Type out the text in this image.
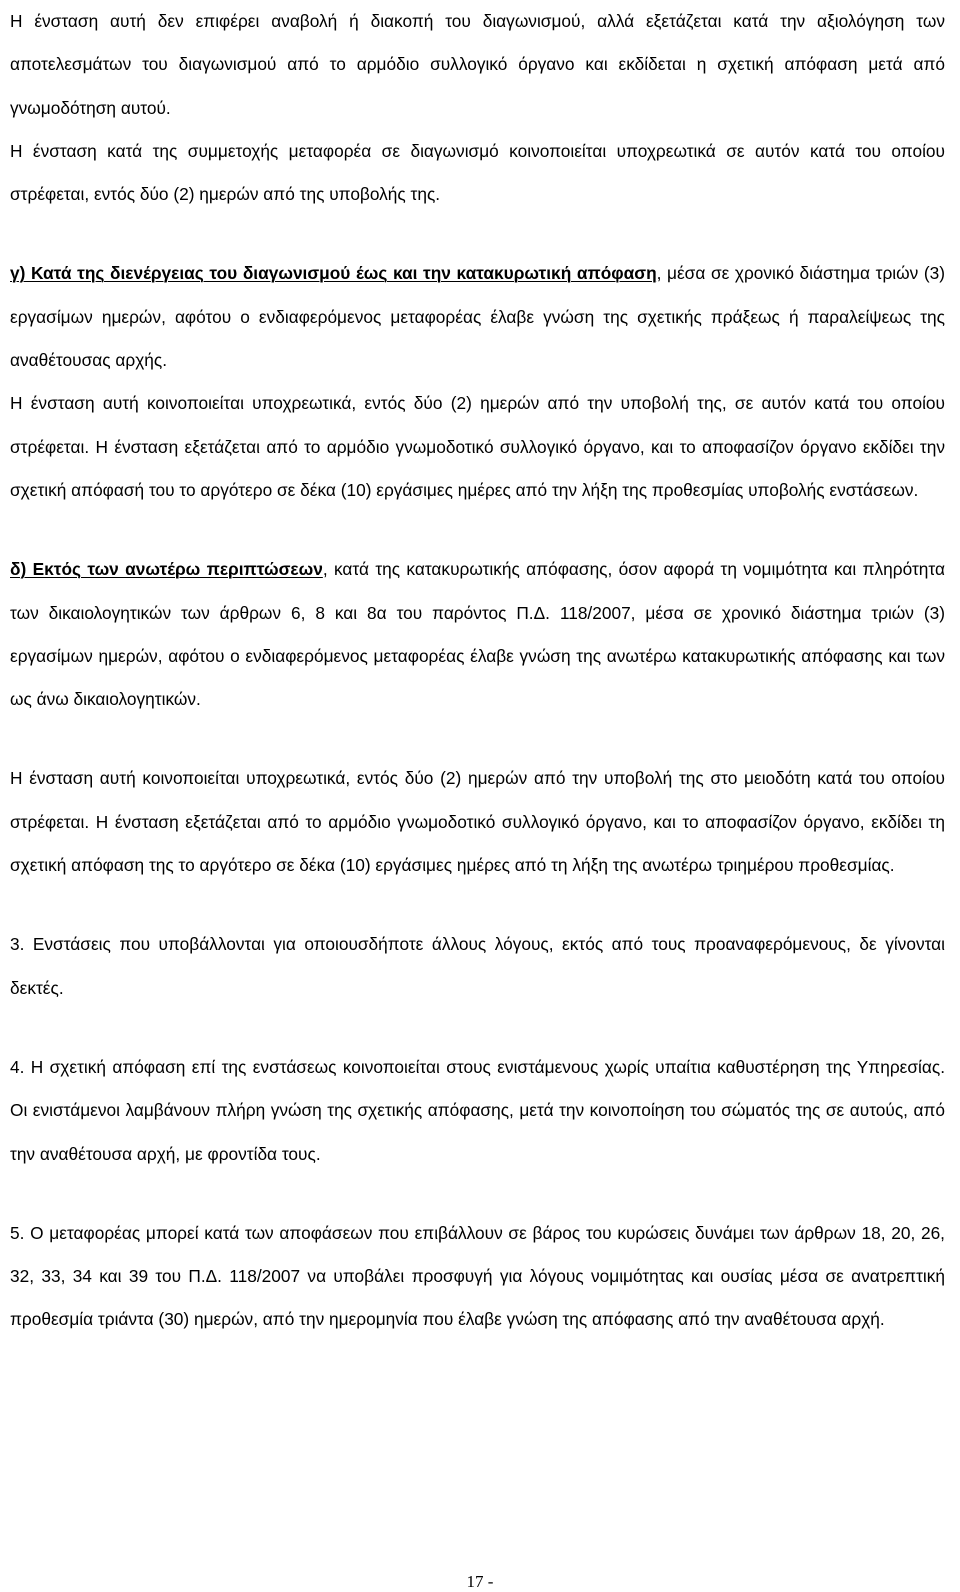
Η ένσταση αυτή δεν επιφέρει αναβολή ή διακοπή του διαγωνισμού, αλλά εξετάζεται κατά την αξιολόγηση των αποτελεσμάτων του διαγωνισμού από το αρμόδιο συλλογικό όργανο και εκδίδεται η σχετική απόφαση μετά από γνωμοδότηση αυτού.

Η ένσταση κατά της συμμετοχής μεταφορέα σε διαγωνισμό κοινοποιείται υποχρεωτικά σε αυτόν κατά του οποίου στρέφεται, εντός δύο (2) ημερών από της υποβολής της.

γ) Κατά της διενέργειας του διαγωνισμού έως και την κατακυρωτική απόφαση, μέσα σε χρονικό διάστημα τριών (3) εργασίμων ημερών, αφότου ο ενδιαφερόμενος μεταφορέας έλαβε γνώση της σχετικής πράξεως ή παραλείψεως της αναθέτουσας αρχής.

Η ένσταση αυτή κοινοποιείται υποχρεωτικά, εντός δύο (2) ημερών από την υποβολή της, σε αυτόν κατά του οποίου στρέφεται. Η ένσταση εξετάζεται από το αρμόδιο γνωμοδοτικό συλλογικό όργανο, και το αποφασίζον όργανο εκδίδει την σχετική απόφασή του το αργότερο σε δέκα (10) εργάσιμες ημέρες από την λήξη της προθεσμίας υποβολής ενστάσεων.

δ) Εκτός των ανωτέρω περιπτώσεων, κατά της κατακυρωτικής απόφασης, όσον αφορά τη νομιμότητα και πληρότητα των δικαιολογητικών των άρθρων 6, 8 και 8α του παρόντος Π.Δ. 118/2007, μέσα σε χρονικό διάστημα τριών (3) εργασίμων ημερών, αφότου ο ενδιαφερόμενος μεταφορέας έλαβε γνώση της ανωτέρω κατακυρωτικής απόφασης και των ως άνω δικαιολογητικών.

Η ένσταση αυτή κοινοποιείται υποχρεωτικά, εντός δύο (2) ημερών από την υποβολή της στο μειοδότη κατά του οποίου στρέφεται. Η ένσταση εξετάζεται από το αρμόδιο γνωμοδοτικό συλλογικό όργανο, και το αποφασίζον όργανο, εκδίδει τη σχετική απόφαση της το αργότερο σε δέκα (10) εργάσιμες ημέρες από τη λήξη της ανωτέρω τριημέρου προθεσμίας.

3. Ενστάσεις που υποβάλλονται για οποιουσδήποτε άλλους λόγους, εκτός από τους προαναφερόμενους, δε γίνονται δεκτές.

4. Η σχετική απόφαση επί της ενστάσεως κοινοποιείται στους ενιστάμενους χωρίς υπαίτια καθυστέρηση της Υπηρεσίας. Οι ενιστάμενοι λαμβάνουν πλήρη γνώση της σχετικής απόφασης, μετά την κοινοποίηση του σώματός της σε αυτούς, από την αναθέτουσα αρχή, με φροντίδα τους.

5. Ο μεταφορέας μπορεί κατά των αποφάσεων που επιβάλλουν σε βάρος του κυρώσεις δυνάμει των άρθρων 18, 20, 26, 32, 33, 34 και 39 του Π.Δ. 118/2007 να υποβάλει προσφυγή για λόγους νομιμότητας και ουσίας μέσα σε ανατρεπτική προθεσμία τριάντα (30) ημερών, από την ημερομηνία που έλαβε γνώση της απόφασης από την αναθέτουσα αρχή.

17 -
